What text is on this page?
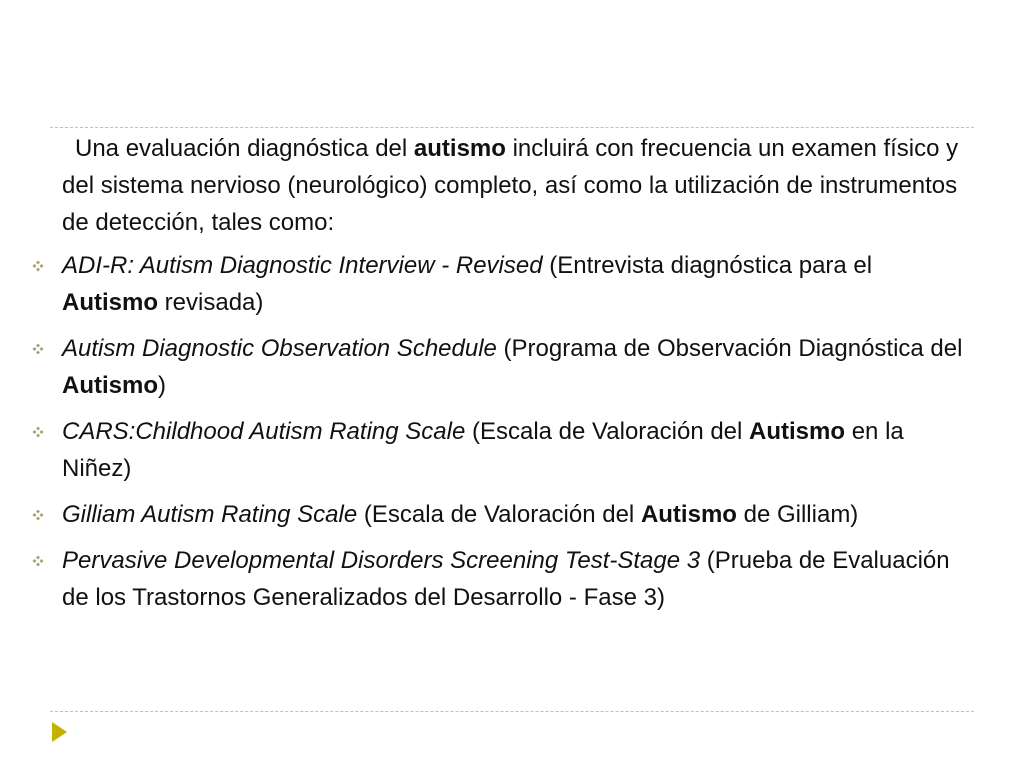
Una evaluación diagnóstica del autismo incluirá con frecuencia un examen físico y del sistema nervioso (neurológico) completo, así como la utilización de instrumentos de detección, tales como:

ADI-R: Autism Diagnostic Interview - Revised (Entrevista diagnóstica para el Autismo revisada)
Autism Diagnostic Observation Schedule (Programa de Observación Diagnóstica del Autismo)
CARS:Childhood Autism Rating Scale (Escala de Valoración del Autismo en la Niñez)
Gilliam Autism Rating Scale (Escala de Valoración del Autismo de Gilliam)
Pervasive Developmental Disorders Screening Test-Stage 3 (Prueba de Evaluación de los Trastornos Generalizados del Desarrollo - Fase 3)
